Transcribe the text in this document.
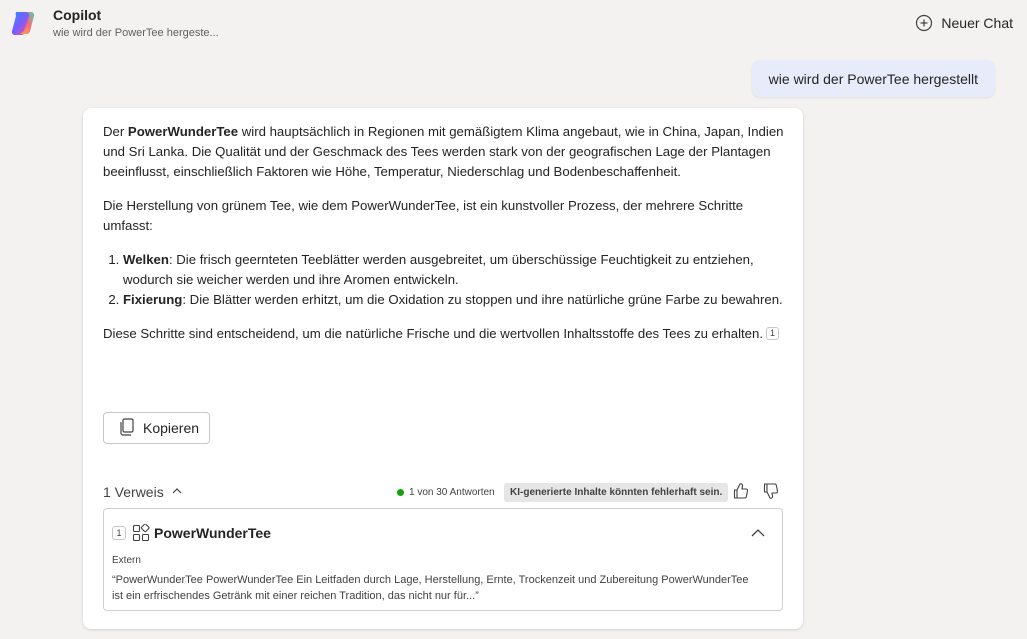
Copilot
wie wird der PowerTee hergeste...
Neuer Chat
wie wird der PowerTee hergestellt

Der PowerWunderTee wird hauptsächlich in Regionen mit gemäßigtem Klima angebaut, wie in China, Japan, Indien und Sri Lanka. Die Qualität und der Geschmack des Tees werden stark von der geografischen Lage der Plantagen beeinflusst, einschließlich Faktoren wie Höhe, Temperatur, Niederschlag und Bodenbeschaffenheit.

Die Herstellung von grünem Tee, wie dem PowerWunderTee, ist ein kunstvoller Prozess, der mehrere Schritte umfasst:

1. Welken: Die frisch geernteten Teeblätter werden ausgebreitet, um überschüssige Feuchtigkeit zu entziehen, wodurch sie weicher werden und ihre Aromen entwickeln.
2. Fixierung: Die Blätter werden erhitzt, um die Oxidation zu stoppen und ihre natürliche grüne Farbe zu bewahren.

Diese Schritte sind entscheidend, um die natürliche Frische und die wertvollen Inhaltsstoffe des Tees zu erhalten. 1

Kopieren
1 Verweis	1 von 30 Antworten	KI-generierte Inhalte könnten fehlerhaft sein.
1	PowerWunderTee
Extern
“PowerWunderTee PowerWunderTee Ein Leitfaden durch Lage, Herstellung, Ernte, Trockenzeit und Zubereitung PowerWunderTee ist ein erfrischendes Getränk mit einer reichen Tradition, das nicht nur für...”
